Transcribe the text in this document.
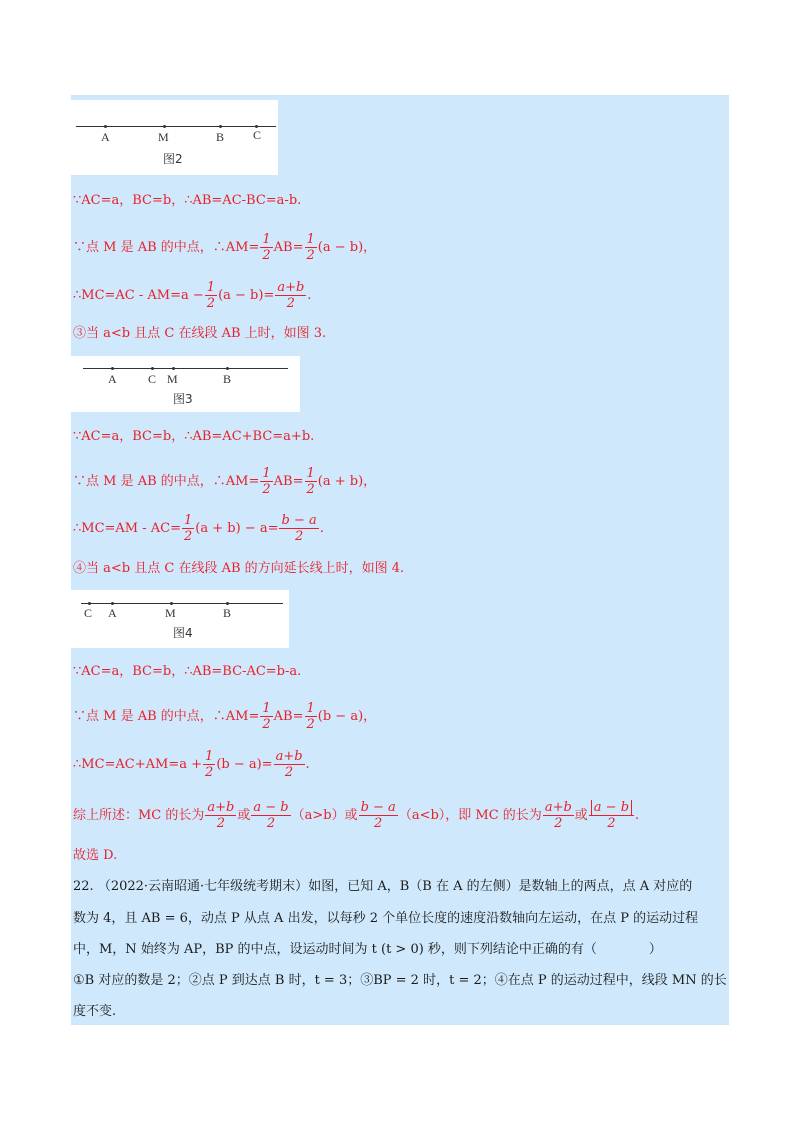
A	M	B C
图2
∵AC=a，BC=b，∴AB=AC-BC=a-b.
∵点 M 是 AB 的中点，∴AM= $\frac{1}{2} AB= \frac{1}{2} (a - b)$，
∴MC=AC - $AM=a - \frac{1}{2} (a - b)= \frac{a+b}{2}$ .
③当 a<b 且点 C 在线段 AB 上时，如图 3.
A	C M	B
图3
∵AC=a，BC=b，∴AB=AC+BC=a+b.
∵点 M 是 AB 的中点，∴AM= $\frac{1}{2} AB= \frac{1}{2} (a + b)$，
∴MC=AM - $AC= \frac{1}{2} (a + b) - a= \frac{b - a}{2}$ .
④当 a<b 且点 C 在线段 AB 的方向延长线上时，如图 4.
C A	M	B
图4
∵AC=a，BC=b，∴AB=BC-AC=b-a.
∵点 M 是 AB 的中点，∴AM= $\frac{1}{2} AB= \frac{1}{2} (b - a)$，
∴MC=AC+AM=a + $\frac{1}{2} (b - a)= \frac{a+b}{2}$ .
综上所述：MC 的长为 $\frac{a+b}{2}$ 或 $\frac{a - b}{2} (a>b)$或 $\frac{b - a}{2} (a<b)$，即 MC 的长为 $\frac{a+b}{2}$ 或 $\frac{a - b}{2}$ .
故选 D.
22. （2022·云南昭通·七年级统考期末）如图，已知 A，B（B 在 A 的左侧）是数轴上的两点，点 A 对应的
数为 4，且 AB = 6，动点 P 从点 A 出发，以每秒 2 个单位长度的速度沿数轴向左运动，在点 P 的运动过程
中，M，N 始终为 AP，BP 的中点，设运动时间为 t (t > 0) 秒，则下列结论中正确的有（　　　　）
①B 对应的数是 2；②点 P 到达点 B 时，t = 3；③BP = 2 时，t = 2；④在点 P 的运动过程中，线段 MN 的长
度不变.
